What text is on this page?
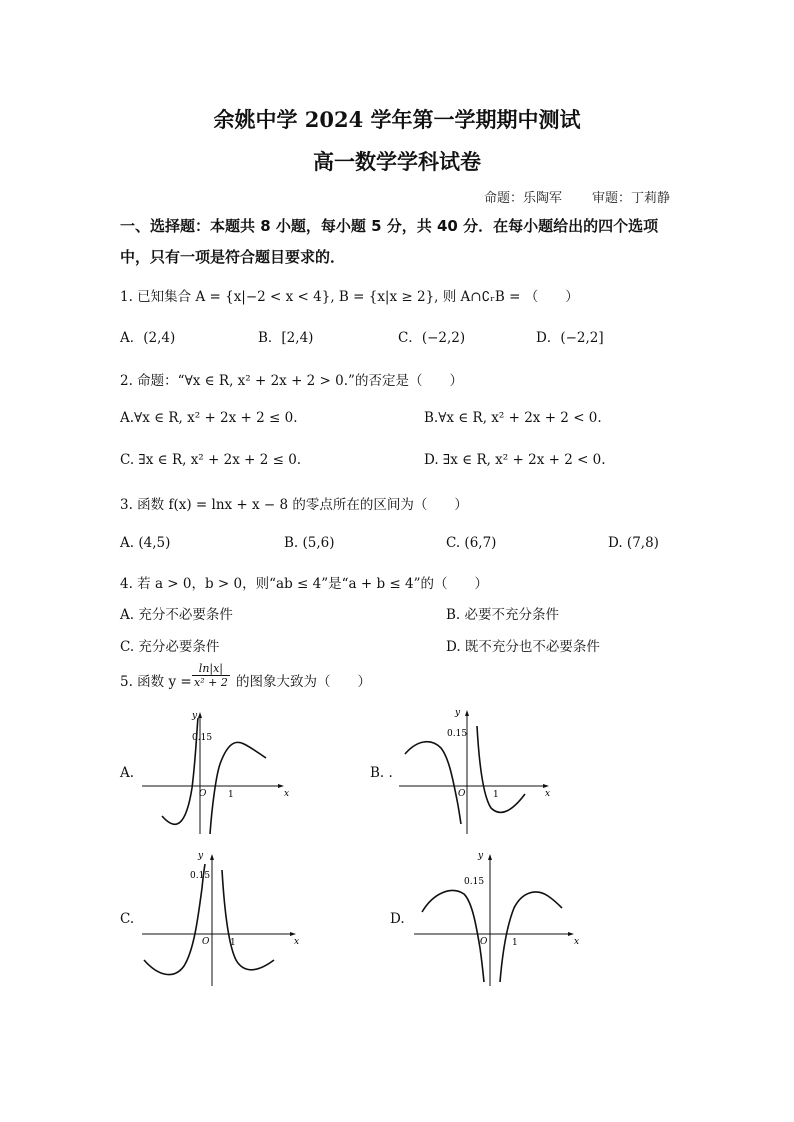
余姚中学 2024 学年第一学期期中测试
高一数学学科试卷
命题：乐陶军 审题：丁莉静
一、选择题：本题共 8 小题，每小题 5 分，共 40 分．在每小题给出的四个选项
中，只有一项是符合题目要求的．
1. 已知集合 A = {x|−2 < x < 4}, B = {x|x ≥ 2}, 则 A∩∁ᵣB = （　　）
A．(2,4)	B．[2,4)	C．(−2,2)	D．(−2,2]
2. 命题：“∀x ∈ R, x² + 2x + 2 > 0.”的否定是（　　）
A.∀x ∈ R, x² + 2x + 2 ≤ 0.	B.∀x ∈ R, x² + 2x + 2 < 0.
C. ∃x ∈ R, x² + 2x + 2 ≤ 0.	D. ∃x ∈ R, x² + 2x + 2 < 0.
3. 函数 f(x) = lnx + x − 8 的零点所在的区间为（　　）
A. (4,5)	B. (5,6)	C. (6,7)	D. (7,8)
4. 若 a > 0，b > 0，则“ab ≤ 4”是“a + b ≤ 4”的（　　）
A. 充分不必要条件	B. 必要不充分条件
C. 充分必要条件	D. 既不充分也不必要条件
5. 函数 $y = \frac{\ln|x|}{\text{x² + 2}}$ 的图象大致为（　　）
A.	B. .
C.	D.
y
x
O 1
0.15
y
x
O	1
0.15
y
x
O 1
0.15
y
x
O	1
0.15
